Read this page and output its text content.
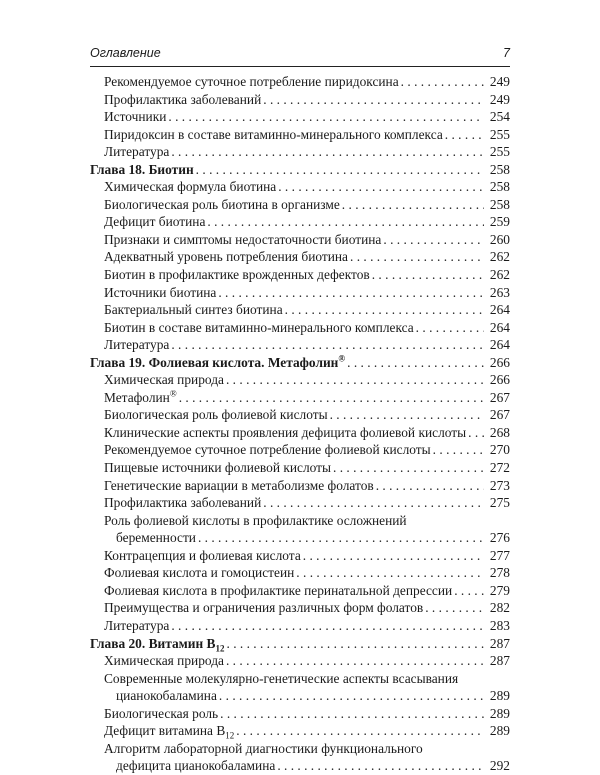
Оглавление	7
Рекомендуемое суточное потребление пиридоксина . . .	249
Профилактика заболеваний . . .	249
Источники . . .	254
Пиридоксин в составе витаминно-минерального комплекса . . .	255
Литература . . .	255
Глава 18. Биотин . . .	258
Химическая формула биотина . . .	258
Биологическая роль биотина в организме . . .	258
Дефицит биотина . . .	259
Признаки и симптомы недостаточности биотина . . .	260
Адекватный уровень потребления биотина . . .	262
Биотин в профилактике врожденных дефектов . . .	262
Источники биотина . . .	263
Бактериальный синтез биотина . . .	264
Биотин в составе витаминно-минерального комплекса . . .	264
Литература . . .	264
Глава 19. Фолиевая кислота. Метафолин® . . .	266
Химическая природа . . .	266
Метафолин® . . .	267
Биологическая роль фолиевой кислоты . . .	267
Клинические аспекты проявления дефицита фолиевой кислоты . . . 268
Рекомендуемое суточное потребление фолиевой кислоты . . .	270
Пищевые источники фолиевой кислоты . . .	272
Генетические вариации в метаболизме фолатов . . .	273
Профилактика заболеваний . . .	275
Роль фолиевой кислоты в профилактике осложнений
беременности . . .	276
Контрацепция и фолиевая кислота . . .	277
Фолиевая кислота и гомоцистеин . . .	278
Фолиевая кислота в профилактике перинатальной депрессии . . .	279
Преимущества и ограничения различных форм фолатов . . .	282
Литература . . .	283
Глава 20. Витамин $B_{12}$ . . .	287
Химическая природа . . .	287
Современные молекулярно-генетические аспекты всасывания
цианокобаламина . . .	289
Биологическая роль . . .	289
Дефицит витамина $B_{12}$ . . .	289
Алгоритм лабораторной диагностики функционального
дефицита цианокобаламина . . .	292
